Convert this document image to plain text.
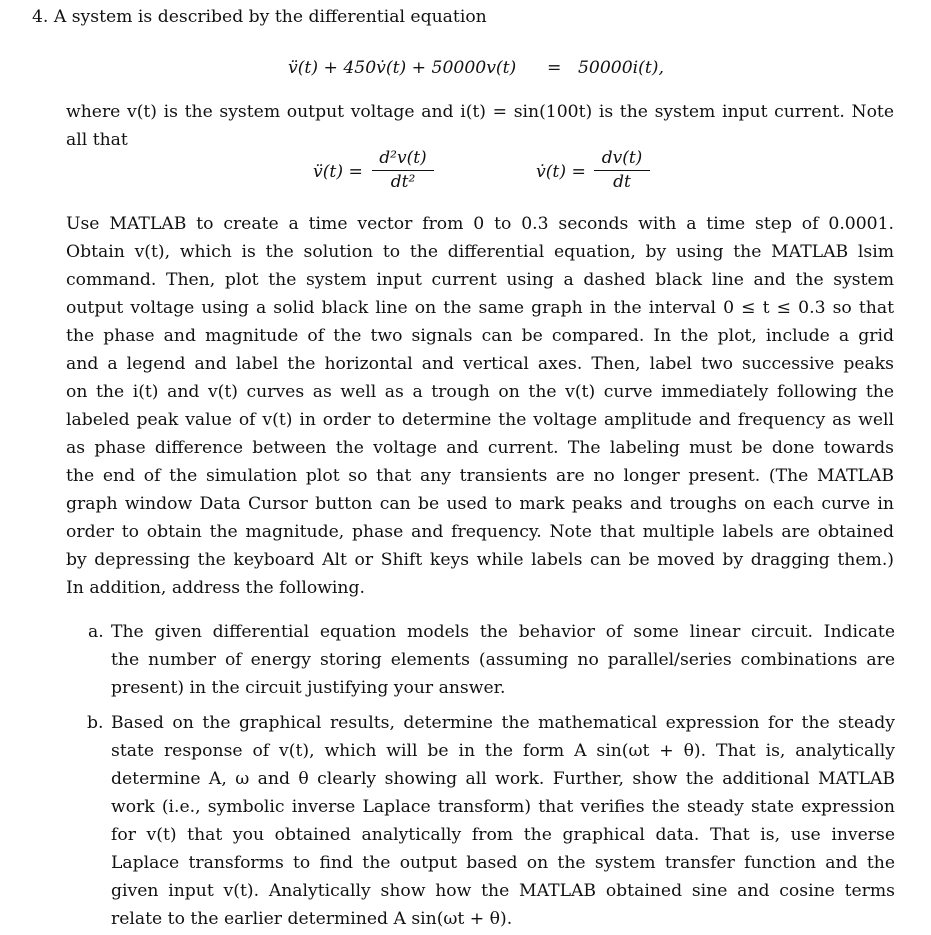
4. A system is described by the differential equation
v̈(t) + 450v̇(t) + 50000v(t) = 50000i(t),
where v(t) is the system output voltage and i(t) = sin(100t) is the system input current. Note
all that
v̈(t) = $\frac{\text{d²v(t)}}{\text{dt²}}$	v̇(t) = $\frac{dv(t)}{dt}$
Use MATLAB to create a time vector from 0 to 0.3 seconds with a time step of 0.0001.
Obtain v(t), which is the solution to the differential equation, by using the MATLAB lsim
command. Then, plot the system input current using a dashed black line and the system
output voltage using a solid black line on the same graph in the interval 0 ≤ t ≤ 0.3 so that
the phase and magnitude of the two signals can be compared. In the plot, include a grid
and a legend and label the horizontal and vertical axes. Then, label two successive peaks
on the i(t) and v(t) curves as well as a trough on the v(t) curve immediately following the
labeled peak value of v(t) in order to determine the voltage amplitude and frequency as well
as phase difference between the voltage and current. The labeling must be done towards
the end of the simulation plot so that any transients are no longer present. (The MATLAB
graph window Data Cursor button can be used to mark peaks and troughs on each curve in
order to obtain the magnitude, phase and frequency. Note that multiple labels are obtained
by depressing the keyboard Alt or Shift keys while labels can be moved by dragging them.)
In addition, address the following.
a. The given differential equation models the behavior of some linear circuit. Indicate
the number of energy storing elements (assuming no parallel/series combinations are
present) in the circuit justifying your answer.
b. Based on the graphical results, determine the mathematical expression for the steady
state response of v(t), which will be in the form A sin(ωt + θ). That is, analytically
determine A, ω and θ clearly showing all work. Further, show the additional MATLAB
work (i.e., symbolic inverse Laplace transform) that verifies the steady state expression
for v(t) that you obtained analytically from the graphical data. That is, use inverse
Laplace transforms to find the output based on the system transfer function and the
given input v(t). Analytically show how the MATLAB obtained sine and cosine terms
relate to the earlier determined A sin(ωt + θ).
